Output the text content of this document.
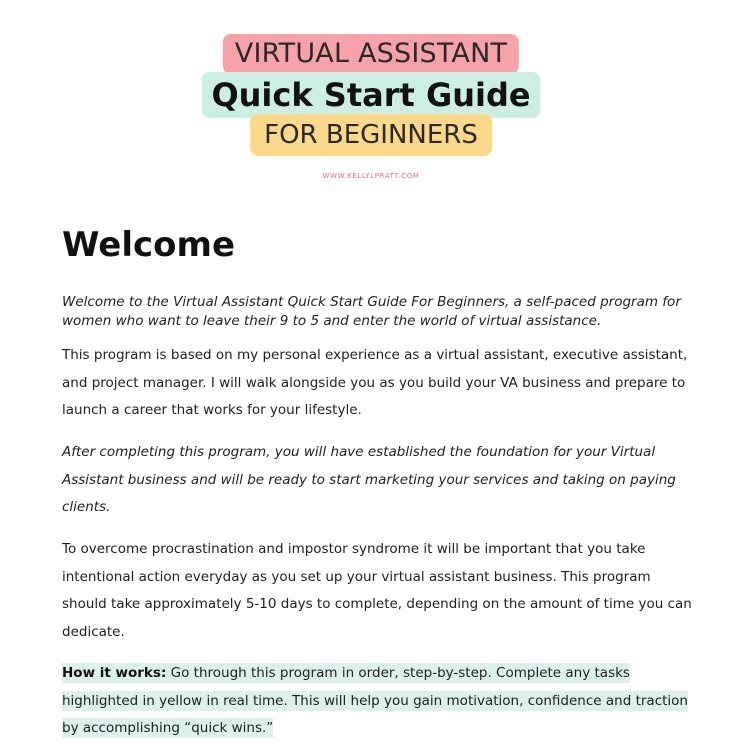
VIRTUAL ASSISTANT
Quick Start Guide
FOR BEGINNERS
WWW.KELLYLPRATT.COM
Welcome

Welcome to the Virtual Assistant Quick Start Guide For Beginners, a self-paced program for women who want to leave their 9 to 5 and enter the world of virtual assistance.

This program is based on my personal experience as a virtual assistant, executive assistant, and project manager. I will walk alongside you as you build your VA business and prepare to launch a career that works for your lifestyle.

After completing this program, you will have established the foundation for your Virtual Assistant business and will be ready to start marketing your services and taking on paying clients.

To overcome procrastination and impostor syndrome it will be important that you take intentional action everyday as you set up your virtual assistant business. This program should take approximately 5-10 days to complete, depending on the amount of time you can dedicate.

How it works: Go through this program in order, step-by-step. Complete any tasks highlighted in yellow in real time. This will help you gain motivation, confidence and traction by accomplishing “quick wins.”
